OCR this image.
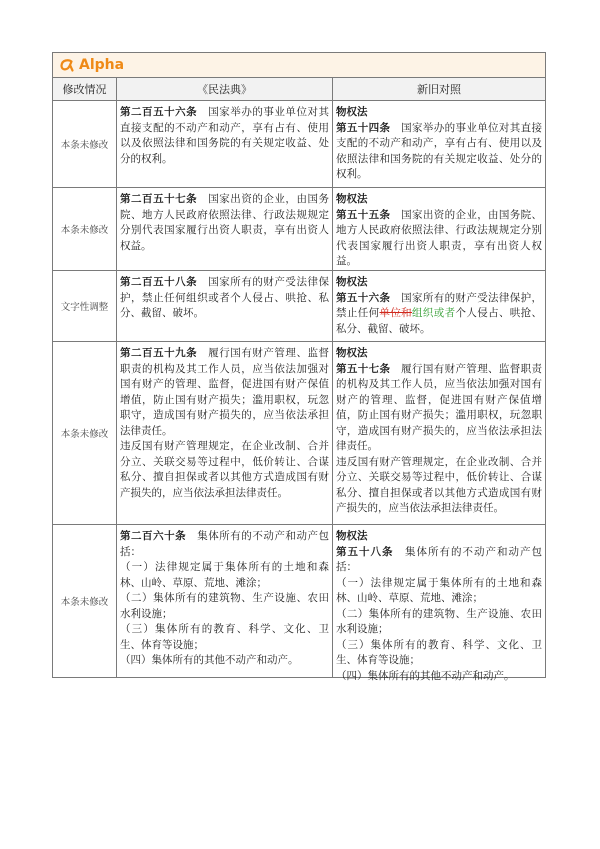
Alpha
修改情况	《民法典》	新旧对照
本条未修改
第二百五十六条　国家举办的事业单位对其直接支配的不动产和动产，享有占有、使用以及依照法律和国务院的有关规定收益、处分的权利。
物权法
第五十四条　国家举办的事业单位对其直接支配的不动产和动产，享有占有、使用以及依照法律和国务院的有关规定收益、处分的权利。
本条未修改
第二百五十七条　国家出资的企业，由国务院、地方人民政府依照法律、行政法规规定分别代表国家履行出资人职责，享有出资人权益。
物权法
第五十五条　国家出资的企业，由国务院、地方人民政府依照法律、行政法规规定分别代表国家履行出资人职责，享有出资人权益。
文字性调整
第二百五十八条　国家所有的财产受法律保护，禁止任何组织或者个人侵占、哄抢、私分、截留、破坏。
物权法
第五十六条　国家所有的财产受法律保护，禁止任何单位和组织或者个人侵占、哄抢、私分、截留、破坏。
本条未修改
第二百五十九条　履行国有财产管理、监督职责的机构及其工作人员，应当依法加强对国有财产的管理、监督，促进国有财产保值增值，防止国有财产损失；滥用职权，玩忽职守，造成国有财产损失的，应当依法承担法律责任。
违反国有财产管理规定，在企业改制、合并分立、关联交易等过程中，低价转让、合谋私分、擅自担保或者以其他方式造成国有财产损失的，应当依法承担法律责任。
物权法
第五十七条　履行国有财产管理、监督职责的机构及其工作人员，应当依法加强对国有财产的管理、监督，促进国有财产保值增值，防止国有财产损失；滥用职权，玩忽职守，造成国有财产损失的，应当依法承担法律责任。
违反国有财产管理规定，在企业改制、合并分立、关联交易等过程中，低价转让、合谋私分、擅自担保或者以其他方式造成国有财产损失的，应当依法承担法律责任。
本条未修改
第二百六十条　集体所有的不动产和动产包括：
（一）法律规定属于集体所有的土地和森林、山岭、草原、荒地、滩涂；
（二）集体所有的建筑物、生产设施、农田水利设施；
（三）集体所有的教育、科学、文化、卫生、体育等设施；
（四）集体所有的其他不动产和动产。
物权法
第五十八条　集体所有的不动产和动产包括：
（一）法律规定属于集体所有的土地和森林、山岭、草原、荒地、滩涂；
（二）集体所有的建筑物、生产设施、农田水利设施；
（三）集体所有的教育、科学、文化、卫生、体育等设施；
（四）集体所有的其他不动产和动产。
